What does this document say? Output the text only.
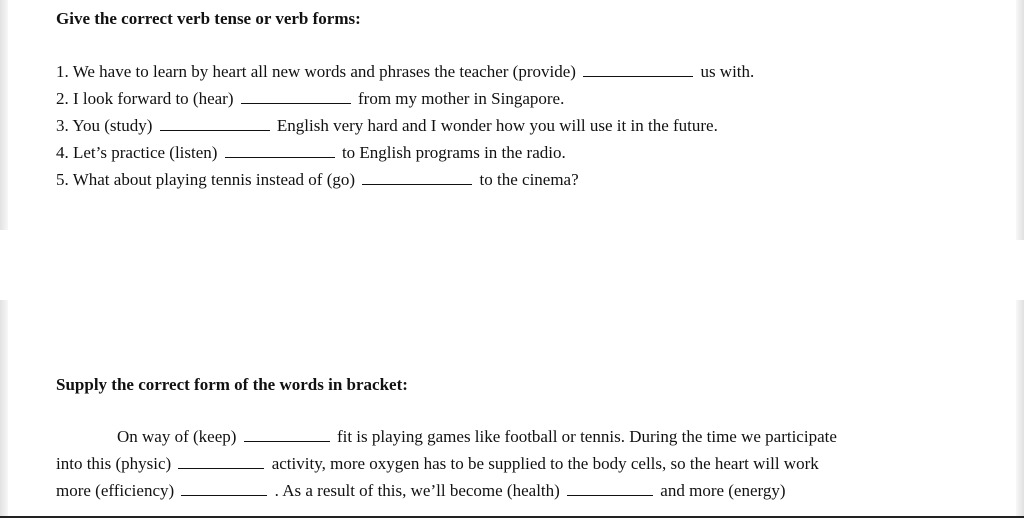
Give the correct verb tense or verb forms:
1. We have to learn by heart all new words and phrases the teacher (provide)	us with.
2. I look forward to (hear)	from my mother in Singapore.
3. You (study)	English very hard and I wonder how you will use it in the future.
4. Let’s practice (listen)	to English programs in the radio.
5. What about playing tennis instead of (go)	to the cinema?
Supply the correct form of the words in bracket:
On way of (keep)	fit is playing games like football or tennis. During the time we participate
into this (physic)	activity, more oxygen has to be supplied to the body cells, so the heart will work
more (efficiency)	. As a result of this, we’ll become (health)	and more (energy)
